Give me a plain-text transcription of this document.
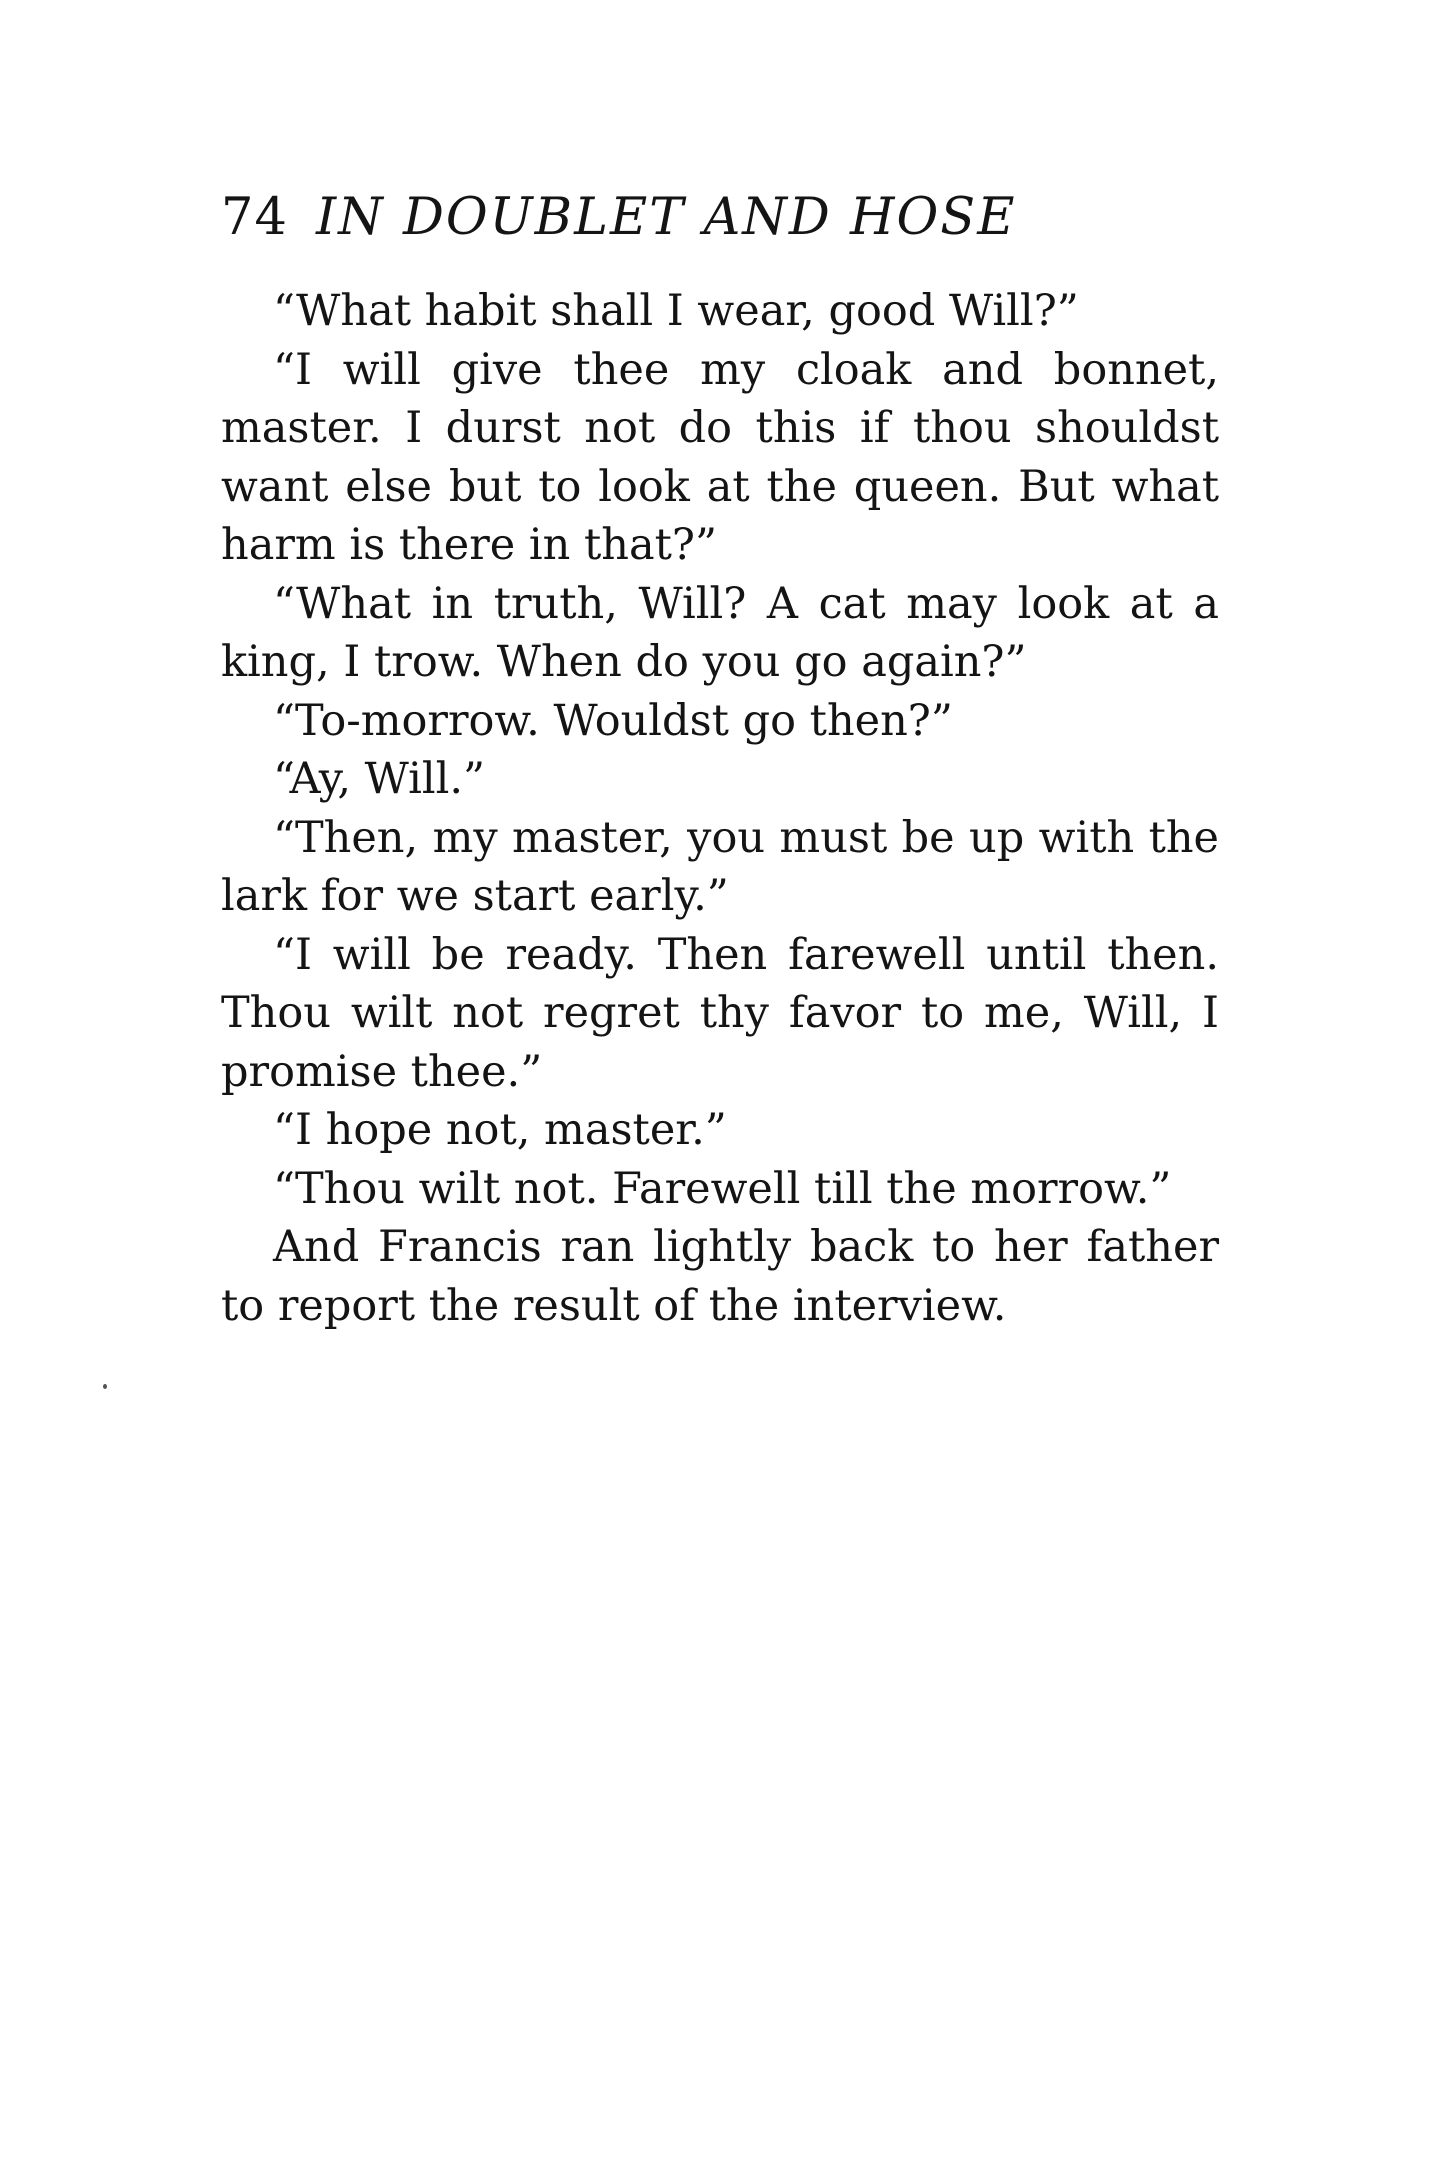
74 IN DOUBLET AND HOSE

“What habit shall I wear, good Will?”

“I will give thee my cloak and bonnet, master. I durst not do this if thou shouldst want else but to look at the queen. But what harm is there in that?”

“What in truth, Will? A cat may look at a king, I trow. When do you go again?”

“To-morrow. Wouldst go then?”

“Ay, Will.”

“Then, my master, you must be up with the lark for we start early.”

“I will be ready. Then farewell until then. Thou wilt not regret thy favor to me, Will, I promise thee.”

“I hope not, master.”

“Thou wilt not. Farewell till the morrow.”

And Francis ran lightly back to her father to report the result of the interview.
